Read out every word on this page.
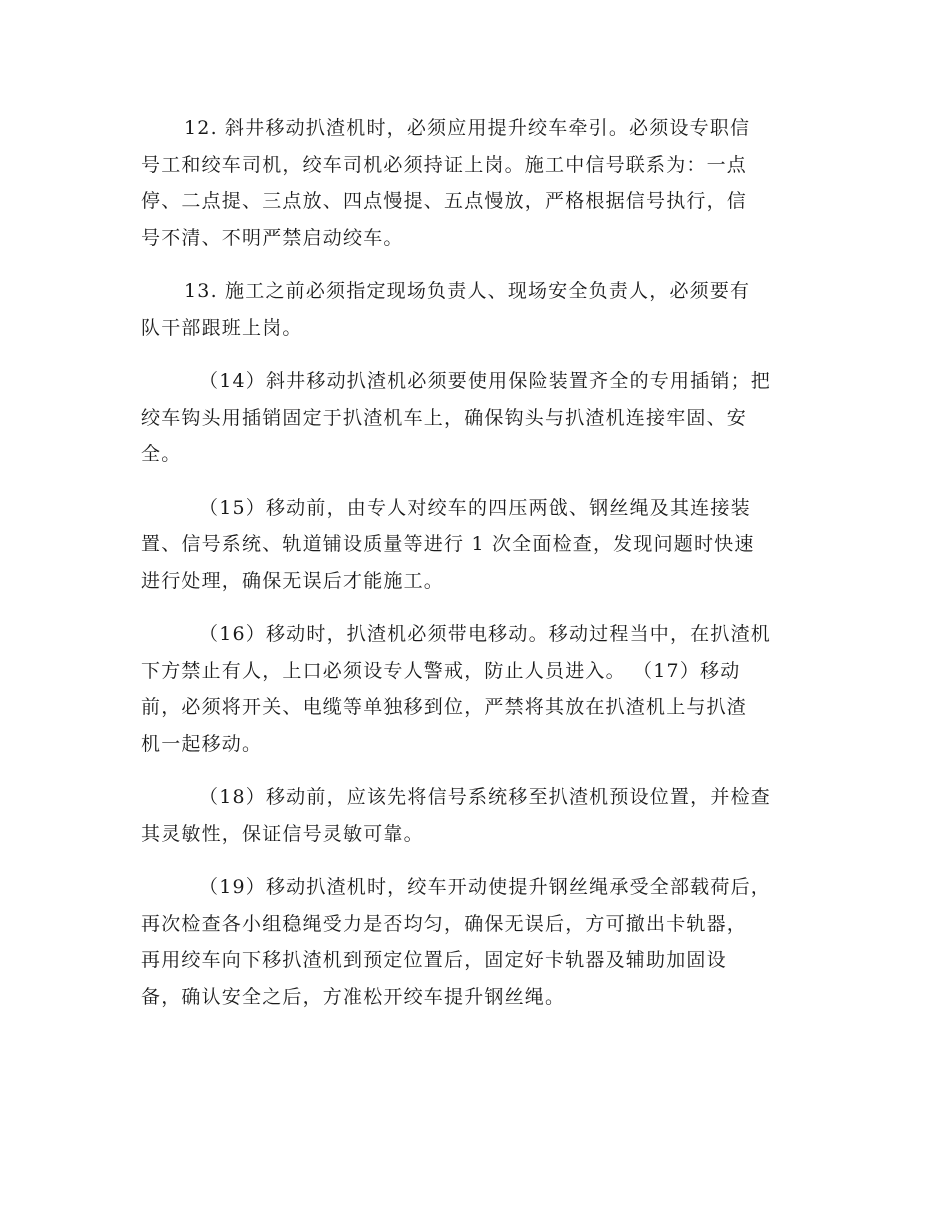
12. 斜井移动扒渣机时，必须应用提升绞车牵引。必须设专职信
号工和绞车司机，绞车司机必须持证上岗。施工中信号联系为：一点
停、二点提、三点放、四点慢提、五点慢放，严格根据信号执行，信
号不清、不明严禁启动绞车。

13. 施工之前必须指定现场负责人、现场安全负责人，必须要有
队干部跟班上岗。

（14）斜井移动扒渣机必须要使用保险装置齐全的专用插销；把
绞车钩头用插销固定于扒渣机车上，确保钩头与扒渣机连接牢固、安
全。

（15）移动前，由专人对绞车的四压两戗、钢丝绳及其连接装
置、信号系统、轨道铺设质量等进行 1 次全面检查，发现问题时快速
进行处理，确保无误后才能施工。

（16）移动时，扒渣机必须带电移动。移动过程当中，在扒渣机
下方禁止有人，上口必须设专人警戒，防止人员进入。 （17）移动
前，必须将开关、电缆等单独移到位，严禁将其放在扒渣机上与扒渣
机一起移动。

（18）移动前，应该先将信号系统移至扒渣机预设位置，并检查
其灵敏性，保证信号灵敏可靠。

（19）移动扒渣机时，绞车开动使提升钢丝绳承受全部载荷后，
再次检查各小组稳绳受力是否均匀，确保无误后，方可撤出卡轨器，
再用绞车向下移扒渣机到预定位置后，固定好卡轨器及辅助加固设
备，确认安全之后，方准松开绞车提升钢丝绳。
